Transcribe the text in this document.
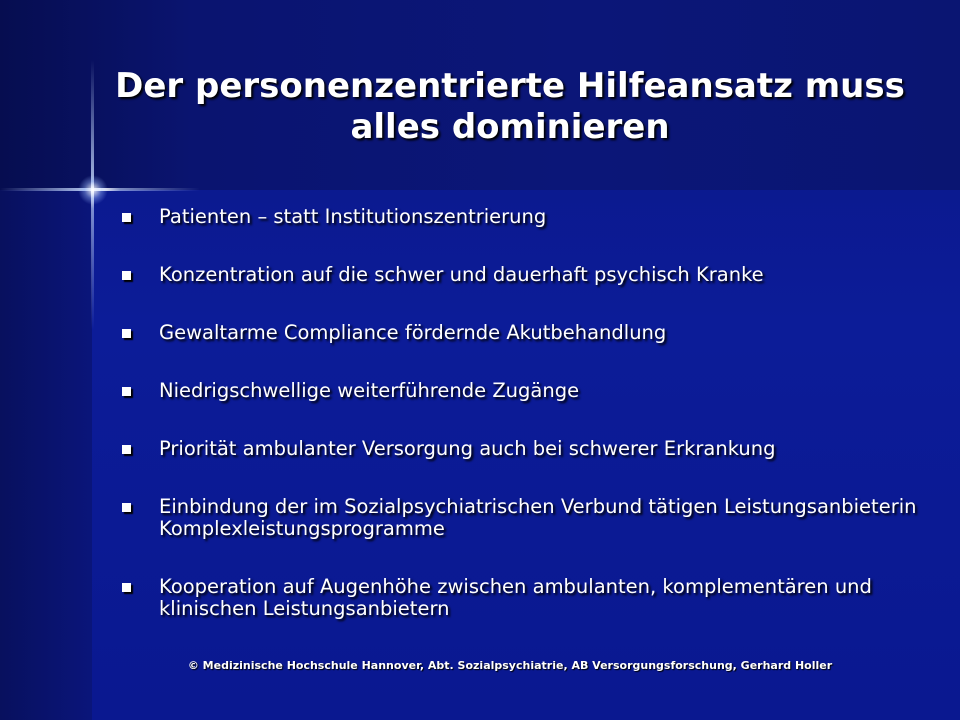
Der personenzentrierte Hilfeansatz muss alles dominieren
Patienten – statt Institutionszentrierung
Konzentration auf die schwer und dauerhaft psychisch Kranke
Gewaltarme Compliance fördernde Akutbehandlung
Niedrigschwellige weiterführende Zugänge
Priorität ambulanter Versorgung auch bei schwerer Erkrankung
Einbindung der im Sozialpsychiatrischen Verbund tätigen Leistungsanbieterin Komplexleistungsprogramme
Kooperation auf Augenhöhe zwischen ambulanten, komplementären und klinischen Leistungsanbietern
© Medizinische Hochschule Hannover, Abt. Sozialpsychiatrie, AB Versorgungsforschung, Gerhard Holler
